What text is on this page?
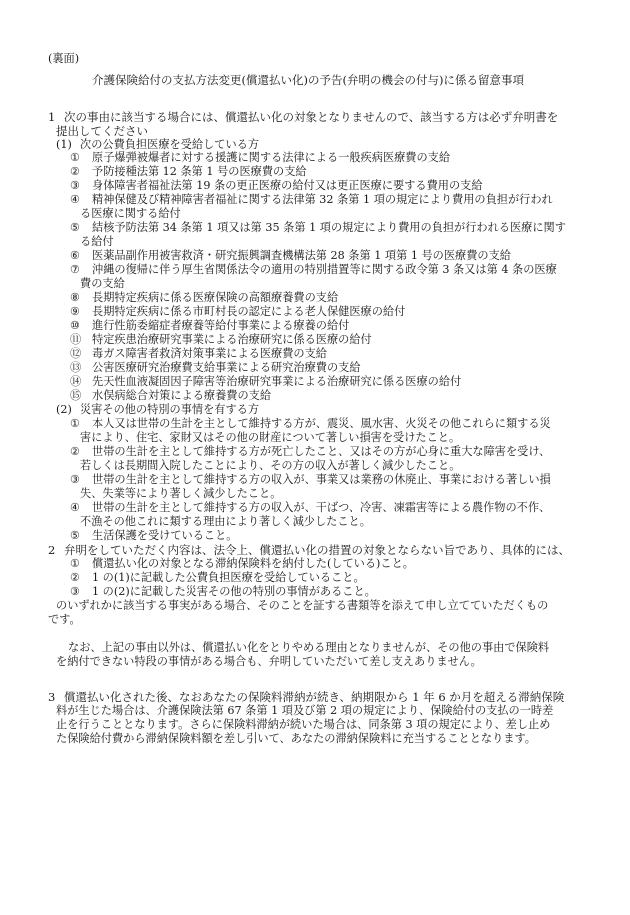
(裏面)
介護保険給付の支払方法変更(償還払い化)の予告(弁明の機会の付与)に係る留意事項
1 次の事由に該当する場合には、償還払い化の対象となりませんので、該当する方は必ず弁明書を
提出してください
(1) 次の公費負担医療を受給している方
① 原子爆弾被爆者に対する援護に関する法律による一般疾病医療費の支給
② 予防接種法第 12 条第 1 号の医療費の支給
③ 身体障害者福祉法第 19 条の更正医療の給付又は更正医療に要する費用の支給
④ 精神保健及び精神障害者福祉に関する法律第 32 条第 1 項の規定により費用の負担が行われ
る医療に関する給付
⑤ 結核予防法第 34 条第 1 項又は第 35 条第 1 項の規定により費用の負担が行われる医療に関す
る給付
⑥ 医薬品副作用被害救済・研究振興調査機構法第 28 条第 1 項第 1 号の医療費の支給
⑦ 沖縄の復帰に伴う厚生省関係法令の適用の特別措置等に関する政令第 3 条又は第 4 条の医療
費の支給
⑧ 長期特定疾病に係る医療保険の高額療養費の支給
⑨ 長期特定疾病に係る市町村長の認定による老人保健医療の給付
⑩ 進行性筋委縮症者療養等給付事業による療養の給付
⑪ 特定疾患治療研究事業による治療研究に係る医療の給付
⑫ 毒ガス障害者救済対策事業による医療費の支給
⑬ 公害医療研究治療費支給事業による研究治療費の支給
⑭ 先天性血液凝固因子障害等治療研究事業による治療研究に係る医療の給付
⑮ 水俣病総合対策による療養費の支給
(2) 災害その他の特別の事情を有する方
① 本人又は世帯の生計を主として維持する方が、震災、風水害、火災その他これらに類する災
害により、住宅、家財又はその他の財産について著しい損害を受けたこと。
② 世帯の生計を主として維持する方が死亡したこと、又はその方が心身に重大な障害を受け、
若しくは長期間入院したことにより、その方の収入が著しく減少したこと。
③ 世帯の生計を主として維持する方の収入が、事業又は業務の休廃止、事業における著しい損
失、失業等により著しく減少したこと。
④ 世帯の生計を主として維持する方の収入が、干ばつ、冷害、凍霜害等による農作物の不作、
不漁その他これに類する理由により著しく減少したこと。
⑤ 生活保護を受けていること。
2 弁明をしていただく内容は、法令上、償還払い化の措置の対象とならない旨であり、具体的には、
① 償還払い化の対象となる滞納保険料を納付した(している)こと。
② 1 の(1)に記載した公費負担医療を受給していること。
③ 1 の(2)に記載した災害その他の特別の事情があること。
のいずれかに該当する事実がある場合、そのことを証する書類等を添えて申し立てていただくもの
です。
なお、上記の事由以外は、償還払い化をとりやめる理由となりませんが、その他の事由で保険料
を納付できない特段の事情がある場合も、弁明していただいて差し支えありません。
3 償還払い化された後、なおあなたの保険料滞納が続き、納期限から 1 年 6 か月を超える滞納保険
料が生じた場合は、介護保険法第 67 条第 1 項及び第 2 項の規定により、保険給付の支払の一時差
止を行うこととなります。さらに保険料滞納が続いた場合は、同条第 3 項の規定により、差し止め
た保険給付費から滞納保険料額を差し引いて、あなたの滞納保険料に充当することとなります。
